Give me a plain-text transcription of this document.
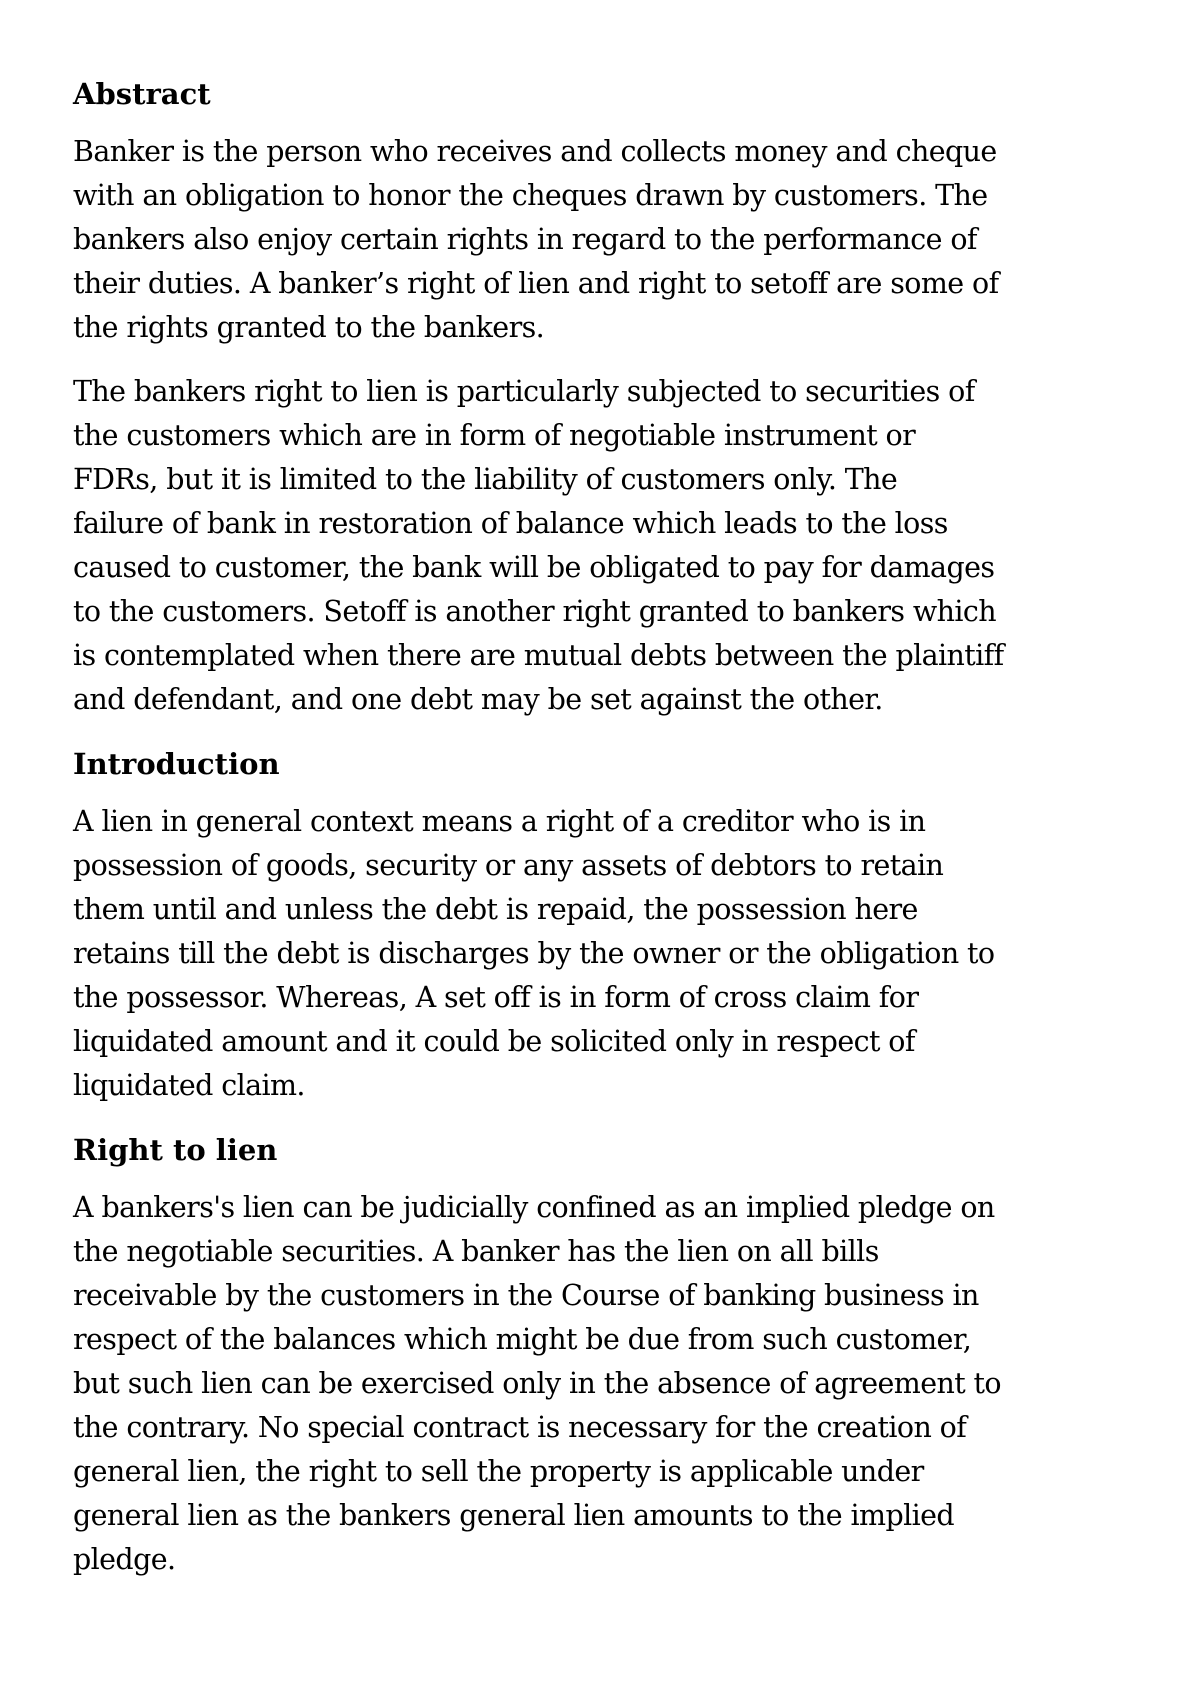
Abstract
Banker is the person who receives and collects money and cheque
with an obligation to honor the cheques drawn by customers. The
bankers also enjoy certain rights in regard to the performance of
their duties. A banker’s right of lien and right to setoff are some of
the rights granted to the bankers.
The bankers right to lien is particularly subjected to securities of
the customers which are in form of negotiable instrument or
FDRs, but it is limited to the liability of customers only. The
failure of bank in restoration of balance which leads to the loss
caused to customer, the bank will be obligated to pay for damages
to the customers. Setoff is another right granted to bankers which
is contemplated when there are mutual debts between the plaintiff
and defendant, and one debt may be set against the other.
Introduction
A lien in general context means a right of a creditor who is in
possession of goods, security or any assets of debtors to retain
them until and unless the debt is repaid, the possession here
retains till the debt is discharges by the owner or the obligation to
the possessor. Whereas, A set off is in form of cross claim for
liquidated amount and it could be solicited only in respect of
liquidated claim.
Right to lien
A bankers's lien can be judicially confined as an implied pledge on
the negotiable securities. A banker has the lien on all bills
receivable by the customers in the Course of banking business in
respect of the balances which might be due from such customer,
but such lien can be exercised only in the absence of agreement to
the contrary. No special contract is necessary for the creation of
general lien, the right to sell the property is applicable under
general lien as the bankers general lien amounts to the implied
pledge.
